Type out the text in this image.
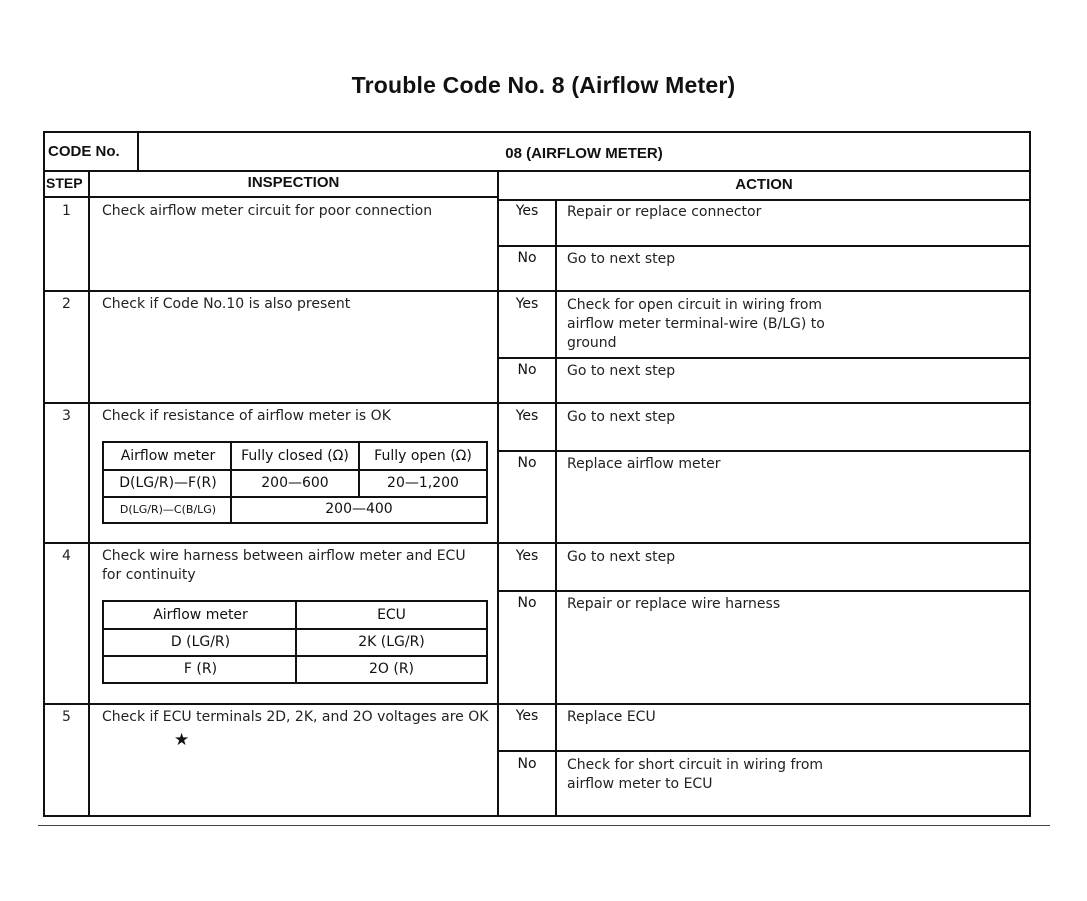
Trouble Code No. 8 (Airflow Meter)
CODE No.	08 (AIRFLOW METER)
STEP	INSPECTION	ACTION
1	Check airflow meter circuit for poor connection	Yes	Repair or replace connector
No	Go to next step
2	Check if Code No.10 is also present	Yes	Check for open circuit in wiring from airflow meter terminal-wire (B/LG) to ground
No	Go to next step
3	Check if resistance of airflow meter is OK	Yes	Go to next step
No	Replace airflow meter
Airflow meter	Fully closed (Ω)	Fully open (Ω)
D(LG/R)—F(R)	200—600	20—1,200
D(LG/R)—C(B/LG)	200—400
4	Check wire harness between airflow meter and ECU for continuity
Yes	Go to next step
No	Repair or replace wire harness
Airflow meter	ECU
D (LG/R)	2K (LG/R)
F (R)	2O (R)
5	Check if ECU terminals 2D, 2K, and 2O voltages are OK
★
Yes	Replace ECU
No	Check for short circuit in wiring from airflow meter to ECU
